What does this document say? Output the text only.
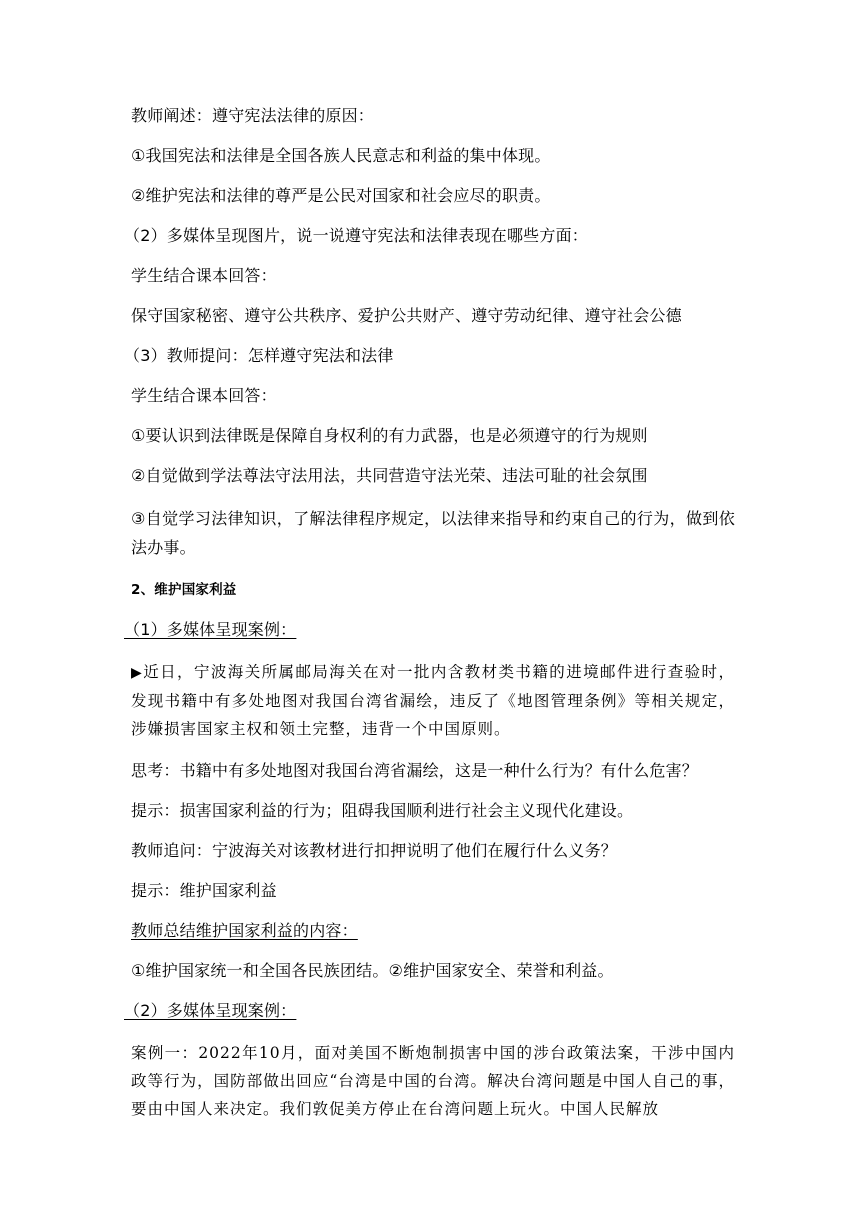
教师阐述：遵守宪法法律的原因：

①我国宪法和法律是全国各族人民意志和利益的集中体现。

②维护宪法和法律的尊严是公民对国家和社会应尽的职责。

（2）多媒体呈现图片，说一说遵守宪法和法律表现在哪些方面：

学生结合课本回答：

保守国家秘密、遵守公共秩序、爱护公共财产、遵守劳动纪律、遵守社会公德

（3）教师提问：怎样遵守宪法和法律

学生结合课本回答：

①要认识到法律既是保障自身权利的有力武器，也是必须遵守的行为规则

②自觉做到学法尊法守法用法，共同营造守法光荣、违法可耻的社会氛围

③自觉学习法律知识，了解法律程序规定，以法律来指导和约束自己的行为，做到依法办事。

2、维护国家利益

（1）多媒体呈现案例：

▶近日，宁波海关所属邮局海关在对一批内含教材类书籍的进境邮件进行查验时，发现书籍中有多处地图对我国台湾省漏绘，违反了《地图管理条例》等相关规定，涉嫌损害国家主权和领土完整，违背一个中国原则。

思考：书籍中有多处地图对我国台湾省漏绘，这是一种什么行为？有什么危害？

提示：损害国家利益的行为；阻碍我国顺利进行社会主义现代化建设。

教师追问：宁波海关对该教材进行扣押说明了他们在履行什么义务？

提示：维护国家利益

教师总结维护国家利益的内容：

①维护国家统一和全国各民族团结。②维护国家安全、荣誉和利益。

（2）多媒体呈现案例：

案例一：2022年10月，面对美国不断炮制损害中国的涉台政策法案，干涉中国内政等行为，国防部做出回应“台湾是中国的台湾。解决台湾问题是中国人自己的事，要由中国人来决定。我们敦促美方停止在台湾问题上玩火。中国人民解放
